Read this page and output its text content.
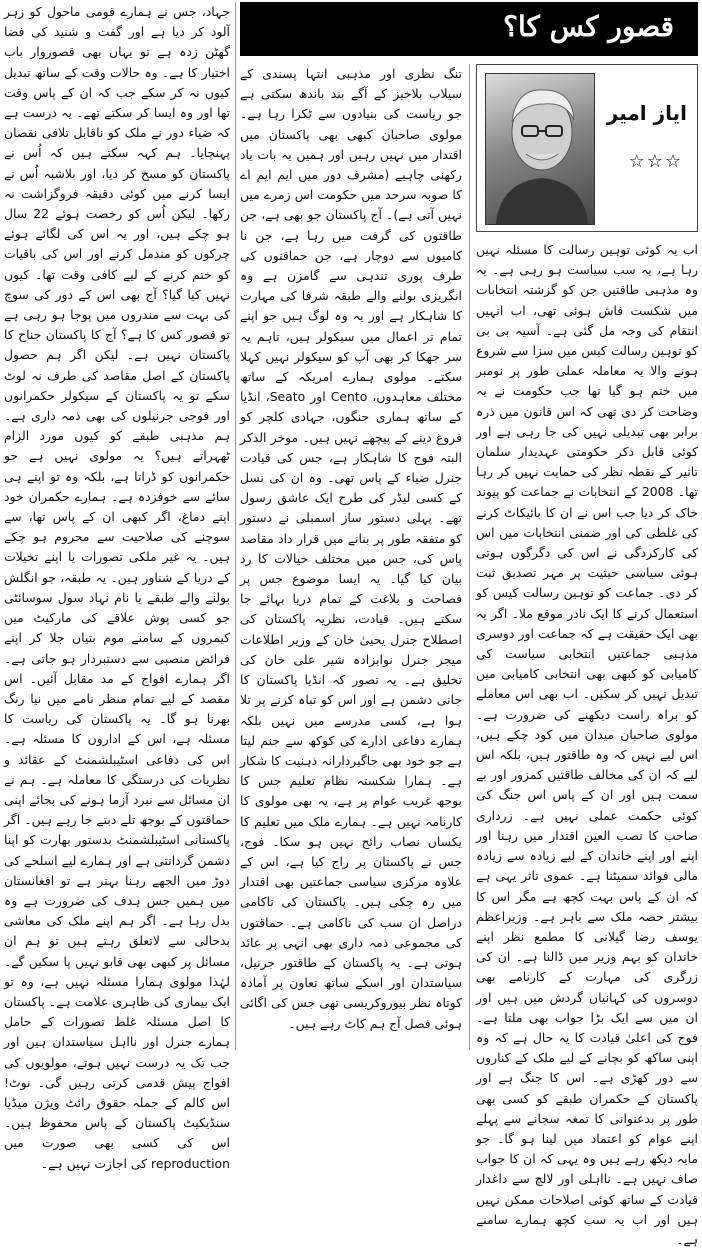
قصور کس کا؟
ایاز امیر
☆☆☆

اب یہ کوئی توہین رسالت کا مسئلہ نہیں رہا ہے، یہ سب سیاست ہو رہی ہے۔ یہ وہ مذہبی طاقتیں جن کو گزشتہ انتخابات میں شکست فاش ہوئی تھی، اب انہیں انتقام کی وجہ مل گئی ہے۔ آسیہ بی بی کو توہین رسالت کیس میں سزا سے شروع ہونے والا یہ معاملہ عملی طور پر نومبر میں ختم ہو گیا تھا جب حکومت نے یہ وضاحت کر دی تھی کہ اس قانون میں ذرہ برابر بھی تبدیلی نہیں کی جا رہی ہے اور کوئی قابل ذکر حکومتی عہدیدار سلمان تاثیر کے نقطہ نظر کی حمایت نہیں کر رہا تھا۔ 2008 کے انتخابات نے جماعت کو پیوند خاک کر دیا جب اس نے ان کا بائیکاٹ کرنے کی غلطی کی اور ضمنی انتخابات میں اس کی کارکردگی نے اس کی دگرگوں ہوتی ہوئی سیاسی حیثیت پر مہر تصدیق ثبت کر دی۔ جماعت کو توہین رسالت کیس کو استعمال کرنے کا ایک نادر موقع ملا۔ اگر یہ بھی ایک حقیقت ہے کہ جماعت اور دوسری مذہبی جماعتیں انتخابی سیاست کی کامیابی کو کبھی بھی انتخابی کامیابی میں تبدیل نہیں کر سکیں۔ اب بھی اس معاملے کو براہ راست دیکھنے کی ضرورت ہے۔ مولوی صاحبان میدان میں کود چکے ہیں، اس لیے نہیں کہ وہ طاقتور ہیں، بلکہ اس لیے کہ ان کی مخالف طاقتیں کمزور اور بے سمت ہیں اور ان کے پاس اس جنگ کی کوئی حکمت عملی نہیں ہے۔ زرداری صاحب کا نصب العین اقتدار میں رہنا اور اپنے اور اپنے خاندان کے لیے زیادہ سے زیادہ مالی فوائد سمیٹنا ہے۔ عموی تاثر یہی ہے کہ ان کے پاس بہت کچھ ہے مگر اس کا بیشتر حصہ ملک سے باہر ہے۔ وزیراعظم یوسف رضا گیلانی کا مطمع نظر اپنے خاندان کو بہم وزیر میں ڈالنا ہے۔ ان کی زرگری کی مہارت کے کارنامے بھی دوسروں کی کہانیاں گردش میں ہیں اور ان میں سے ایک بڑا جواب بھی ملتا ہے۔ فوج کی اعلیٰ قیادت کا یہ حال ہے کہ وہ اپنی ساکھ کو بچانے کے لیے ملک کے کناروں سے دور کھڑی ہے۔ اس کا جنگ ہے اور پاکستان کے حکمران طبقے کو کسی بھی طور پر بدعنوانی کا تمغہ سجانے سے پہلے اپنے عوام کو اعتماد میں لینا ہو گا۔ جو مایہ دیکھ رہے ہیں وہ یہی کہ ان کا جواب صاف نہیں ہے۔ نااہلی اور لالچ سے داغدار قیادت کے ساتھ کوئی اصلاحات ممکن نہیں ہیں اور اب یہ سب کچھ ہمارے سامنے ہے۔

تنگ نظری اور مذہبی انتہا پسندی کے سیلاب بلاخیز کے آگے بند باندھ سکتی ہے جو ریاست کی بنیادوں سے ٹکرا رہا ہے۔ مولوی صاحبان کبھی بھی پاکستان میں اقتدار میں نہیں رہیں اور ہمیں یہ بات یاد رکھنی چاہیے (مشرف دور میں ایم ایم اے کا صوبہ سرحد میں حکومت اس زمرے میں نہیں آتی ہے)۔ آج پاکستان جو بھی ہے، جن طاقتوں کی گرفت میں رہا ہے، جن نا کامیوں سے دوچار ہے، جن حماقتوں کی طرف پوری تندہی سے گامزن ہے وہ انگریزی بولنے والے طبقہ شرفا کی مہارت کا شاہکار ہے اور یہ وہ لوگ ہیں جو اپنے تمام تر اعمال میں سیکولر ہیں، تاہم یہ سر جھکا کر بھی آپ کو سیکولر نہیں کہلا سکتے۔ مولوی ہمارے امریکہ کے ساتھ مختلف معاہدوں، Cento اور Seato، انڈیا کے ساتھ ہماری جنگوں، جہادی کلچر کو فروغ دینے کے پیچھے نہیں ہیں۔ موخر الذکر البتہ فوج کا شاہکار ہے، جس کی قیادت جنرل ضیاء کے پاس تھی۔ وہ ان کی نسل کے کسی لیڈر کی طرح ایک عاشق رسول تھے۔ پہلی دستور ساز اسمبلی نے دستور کو متفقہ طور پر بنانے میں قرار داد مقاصد پاس کی، جس میں مختلف خیالات کا رد بیان کیا گیا۔ یہ ایسا موضوع جس پر فصاحت و بلاغت کے تمام دریا بہائے جا سکتے ہیں۔ قیادت، نظریہ پاکستان کی اصطلاح جنرل یحییٰ خان کے وزیر اطلاعات میجر جنرل نوابزادہ شیر علی خان کی تخلیق ہے۔ یہ تصور کہ انڈیا پاکستان کا جانی دشمن ہے اور اس کو تباہ کرنے پر تلا ہوا ہے، کسی مدرسے میں نہیں بلکہ ہمارے دفاعی ادارے کی کوکھ سے جنم لیتا ہے جو خود بھی جاگیردارانہ ذہنیت کا شکار ہے۔ ہمارا شکستہ نظام تعلیم جس کا بوجھ غریب عوام پر ہے، یہ بھی مولوی کا کارنامہ نہیں ہے۔ ہمارے ملک میں تعلیم کا یکساں نصاب رائج نہیں ہو سکا۔ فوج، جس نے پاکستان پر راج کیا ہے، اس کے علاوہ مرکزی سیاسی جماعتیں بھی اقتدار میں رہ چکی ہیں۔ پاکستان کی ناکامی دراصل ان سب کی ناکامی ہے۔ حماقتوں کی مجموعی ذمہ داری بھی انہی پر عائد ہوتی ہے۔ یہ پاکستان کے طاقتور جرنیل، سیاستدان اور اسکے ساتھ تعاون پر آمادہ کوتاہ نظر بیوروکریسی تھی جس کی اگائی ہوئی فصل آج ہم کاٹ رہے ہیں۔

جہاد، جس نے ہمارے قومی ماحول کو زہر آلود کر دیا ہے اور گفت و شنید کی فضا گھٹن زدہ ہے تو یہاں بھی قصوروار باب اختیار کا ہے۔ وہ حالات وقت کے ساتھ تبدیل کیوں نہ کر سکے جب کہ ان کے پاس وقت تھا اور وہ ایسا کر سکتے تھے۔ یہ درست ہے کہ ضیاء دور نے ملک کو ناقابل تلافی نقصان پہنچایا۔ ہم کہہ سکتے ہیں کہ اُس نے پاکستان کو مسخ کر دیا، اور بلاشبہ اُس نے ایسا کرنے میں کوئی دقیقہ فروگزاشت نہ رکھا۔ لیکن اُس کو رخصت ہوئے 22 سال ہو چکے ہیں، اور یہ اس کی لگائے ہوئے چرکوں کو مندمل کرنے اور اس کی باقیات کو ختم کرنے کے لیے کافی وقت تھا۔ کیوں نہیں کیا گیا؟ آج بھی اس کے دور کی سوچ کی بہت سے مندروں میں پوجا ہو رہی ہے تو قصور کس کا ہے؟ آج کا پاکستان جناح کا پاکستان نہیں ہے۔ لیکن اگر ہم حصول پاکستان کے اصل مقاصد کی طرف نہ لوٹ سکے تو یہ پاکستان کے سیکولر حکمرانوں اور فوجی جرنیلوں کی بھی ذمہ داری ہے۔ ہم مذہبی طبقے کو کیوں مورد الزام ٹھہراتے ہیں؟ یہ مولوی نہیں ہے جو حکمرانوں کو ڈراتا ہے، بلکہ وہ تو اپنے ہی سائے سے خوفزدہ ہے۔ ہمارے حکمران خود اپنے دماغ، اگر کبھی ان کے پاس تھا، سے سوچنے کی صلاحیت سے محروم ہو چکے ہیں۔ یہ غیر ملکی تصورات یا اپنے تخیلات کے دریا کے شناور ہیں۔ یہ طبقہ، جو انگلش بولنے والے طبقے یا نام نہاد سول سوسائٹی جو کسی پوش علاقے کی مارکیٹ میں کیمروں کے سامنے موم بتیاں جلا کر اپنے فرائض منصبی سے دستبردار ہو جاتی ہے۔ اگر ہمارے افواج کے مد مقابل آئیں۔ اس مقصد کے لیے تمام منظر نامے میں نیا رنگ بھرنا ہو گا۔ یہ پاکستان کی ریاست کا مسئلہ ہے، اس کے اداروں کا مسئلہ ہے۔ اس کی دفاعی اسٹیبلشمنٹ کے عقائد و نظریات کی درستگی کا معاملہ ہے۔ ہم نے ان مسائل سے نبرد آزما ہونے کی بجائے اپنی حماقتوں کے بوجھ تلے دبتے جا رہے ہیں۔ اگر پاکستانی اسٹیبلشمنٹ بدستور بھارت کو اپنا دشمن گردانتی ہے اور ہمارے لیے اسلحے کی دوڑ میں الجھے رہنا بہتر ہے تو افغانستان میں ہمیں جس ہدف کی ضرورت ہے وہ بدل رہا ہے۔ اگر ہم اپنے ملک کی معاشی بدحالی سے لاتعلق رہتے ہیں تو ہم ان مسائل پر کبھی بھی قابو نہیں پا سکیں گے۔ لہٰذا مولوی ہمارا مسئلہ نہیں ہے، وہ تو ایک بیماری کی ظاہری علامت ہے۔ پاکستان کا اصل مسئلہ غلط تصورات کے حامل ہمارے جنرل اور نااہل سیاستدان ہیں اور جب تک یہ درست نہیں ہوتے، مولویوں کی افواج پیش قدمی کرتی رہیں گی۔ نوٹ! اس کالم کے جملہ حقوق رائٹ ویژن میڈیا سنڈیکیٹ پاکستان کے پاس محفوظ ہیں۔ اس کی کسی بھی صورت میں reproduction کی اجازت نہیں ہے۔
